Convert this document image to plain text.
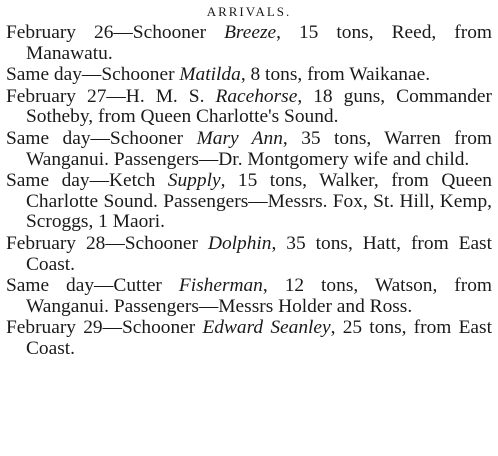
ARRIVALS.

February 26—Schooner Breeze, 15 tons, Reed, from Manawatu.

Same day—Schooner Matilda, 8 tons, from Waikanae.

February 27—H. M. S. Racehorse, 18 guns, Commander Sotheby, from Queen Charlotte's Sound.

Same day—Schooner Mary Ann, 35 tons, Warren from Wanganui. Passengers—Dr. Montgomery wife and child.

Same day—Ketch Supply, 15 tons, Walker, from Queen Charlotte Sound. Passengers—Messrs. Fox, St. Hill, Kemp, Scroggs, 1 Maori.

February 28—Schooner Dolphin, 35 tons, Hatt, from East Coast.

Same day—Cutter Fisherman, 12 tons, Watson, from Wanganui. Passengers—Messrs Holder and Ross.

February 29—Schooner Edward Seanley, 25 tons, from East Coast.
